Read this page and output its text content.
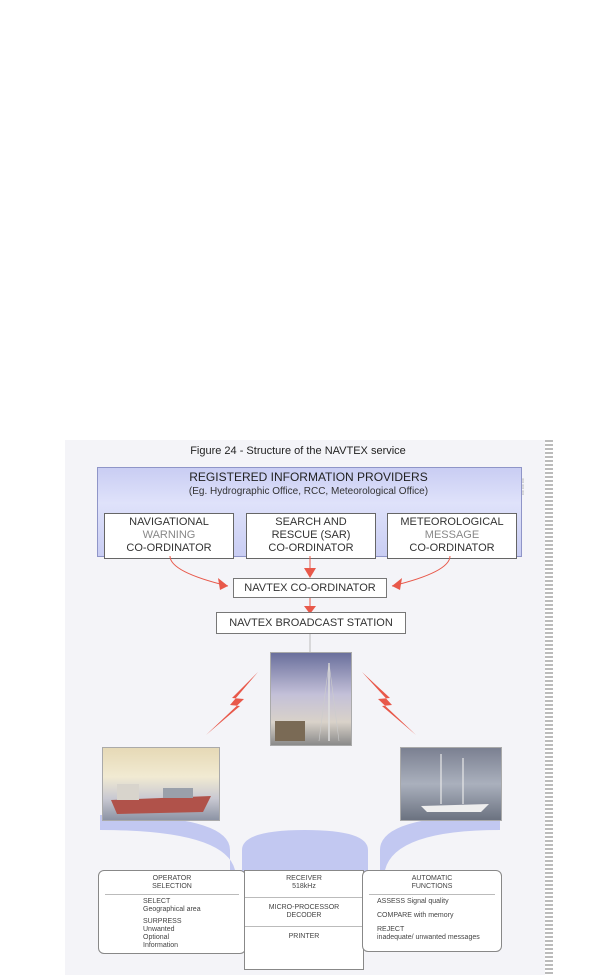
Figure 24 - Structure of the NAVTEX service
REGISTERED INFORMATION PROVIDERS
(Eg. Hydrographic Office, RCC, Meteorological Office)	▯▯▯
NAVIGATIONAL
WARNING
CO-ORDINATOR
SEARCH AND
RESCUE (SAR)
CO-ORDINATOR
METEOROLOGICAL
MESSAGE
CO-ORDINATOR
NAVTEX CO-ORDINATOR
NAVTEX BROADCAST STATION
OPERATOR
SELECTION
SELECT
Geographical area
SURPRESS
Unwanted
Optional
Information
RECEIVER
518kHz
MICRO-PROCESSOR
DECODER
PRINTER
AUTOMATIC
FUNCTIONS
ASSESS Signal quality
COMPARE with memory
REJECT
inadequate/ unwanted messages
